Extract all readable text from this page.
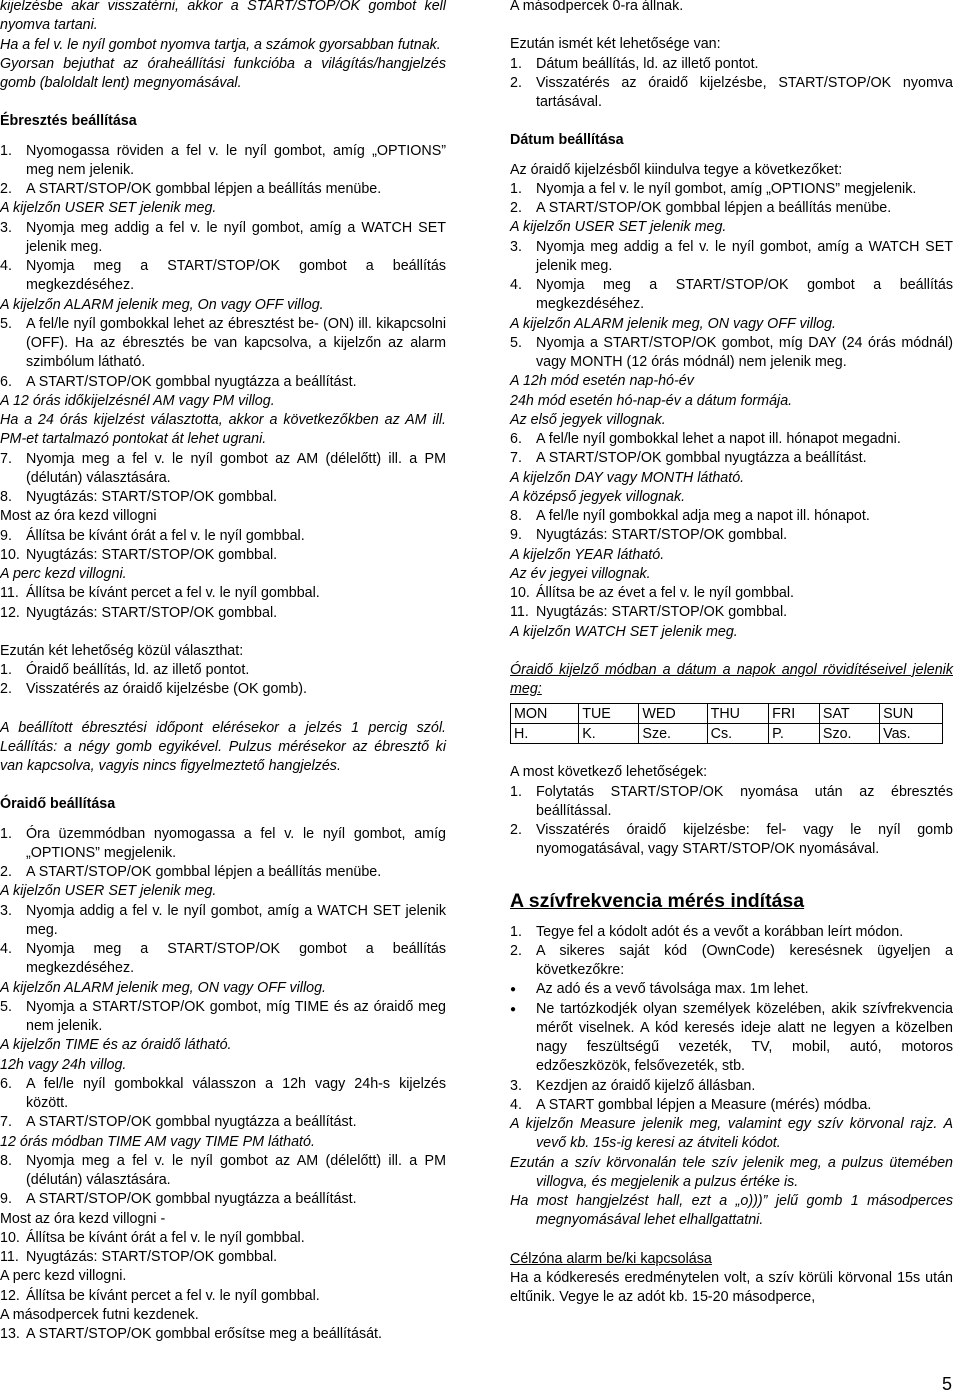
kijelzésbe akar visszatérni, akkor a START/STOP/OK gombot kell nyomva tartani.

Ha a fel v. le nyíl gombot nyomva tartja, a számok gyorsabban futnak.

Gyorsan bejuthat az óraheállítási funkcióba a világítás/hangjelzés gomb (baloldalt lent) megnyomásával.

Ébresztés beállítása

1. Nyomogassa röviden a fel v. le nyíl gombot, amíg „OPTIONS” meg nem jelenik.
2. A START/STOP/OK gombbal lépjen a beállítás menübe.

A kijelzőn USER SET jelenik meg.

3. Nyomja meg addig a fel v. le nyíl gombot, amíg a WATCH SET jelenik meg.
4. Nyomja meg a START/STOP/OK gombot a beállítás megkezdéséhez.

A kijelzőn ALARM jelenik meg, On vagy OFF villog.

5. A fel/le nyíl gombokkal lehet az ébresztést be- (ON) ill. kikapcsolni (OFF). Ha az ébresztés be van kapcsolva, a kijelzőn az alarm szimbólum látható.
6. A START/STOP/OK gombbal nyugtázza a beállítást.

A 12 órás időkijelzésnél AM vagy PM villog.

Ha a 24 órás kijelzést választotta, akkor a következőkben az AM ill. PM-et tartalmazó pontokat át lehet ugrani.

7. Nyomja meg a fel v. le nyíl gombot az AM (délelőtt) ill. a PM (délután) választására.
8. Nyugtázás: START/STOP/OK gombbal.

Most az óra kezd villogni

9. Állítsa be kívánt órát a fel v. le nyíl gombbal.
10. Nyugtázás: START/STOP/OK gombbal.

A perc kezd villogni.

11. Állítsa be kívánt percet a fel v. le nyíl gombbal.
12. Nyugtázás: START/STOP/OK gombbal.

Ezután két lehetőség közül választhat:

1. Óraidő beállítás, ld. az illető pontot.
2. Visszatérés az óraidő kijelzésbe (OK gomb).

A beállított ébresztési időpont elérésekor a jelzés 1 percig szól. Leállítás: a négy gomb egyikével. Pulzus mérésekor az ébresztő ki van kapcsolva, vagyis nincs figyelmeztető hangjelzés.

Óraidő beállítása

1. Óra üzemmódban nyomogassa a fel v. le nyíl gombot, amíg „OPTIONS” megjelenik.
2. A START/STOP/OK gombbal lépjen a beállítás menübe.

A kijelzőn USER SET jelenik meg.

3. Nyomja addig a fel v. le nyíl gombot, amíg a WATCH SET jelenik meg.
4. Nyomja meg a START/STOP/OK gombot a beállítás megkezdéséhez.

A kijelzőn ALARM jelenik meg, ON vagy OFF villog.

5. Nyomja a START/STOP/OK gombot, míg TIME és az óraidő meg nem jelenik.

A kijelzőn TIME és az óraidő látható.

12h vagy 24h villog.

6. A fel/le nyíl gombokkal válasszon a 12h vagy 24h-s kijelzés között.
7. A START/STOP/OK gombbal nyugtázza a beállítást.

12 órás módban TIME AM vagy TIME PM látható.

8. Nyomja meg a fel v. le nyíl gombot az AM (délelőtt) ill. a PM (délután) választására.
9. A START/STOP/OK gombbal nyugtázza a beállítást.

Most az óra kezd villogni -

10. Állítsa be kívánt órát a fel v. le nyíl gombbal.
11. Nyugtázás: START/STOP/OK gombbal.

A perc kezd villogni.

12. Állítsa be kívánt percet a fel v. le nyíl gombbal.

A másodpercek futni kezdenek.

13. A START/STOP/OK gombbal erősítse meg a beállítását.

A másodpercek 0-ra állnak.

Ezután ismét két lehetősége van:

1. Dátum beállítás, ld. az illető pontot.
2. Visszatérés az óraidő kijelzésbe, START/STOP/OK nyomva tartásával.

Dátum beállítása

Az óraidő kijelzésből kiindulva tegye a következőket:

1. Nyomja a fel v. le nyíl gombot, amíg „OPTIONS” megjelenik.
2. A START/STOP/OK gombbal lépjen a beállítás menübe.

A kijelzőn USER SET jelenik meg.

3. Nyomja meg addig a fel v. le nyíl gombot, amíg a WATCH SET jelenik meg.
4. Nyomja meg a START/STOP/OK gombot a beállítás megkezdéséhez.

A kijelzőn ALARM jelenik meg, ON vagy OFF villog.

5. Nyomja a START/STOP/OK gombot, míg DAY (24 órás módnál) vagy MONTH (12 órás módnál) nem jelenik meg.

A 12h mód esetén nap-hó-év

24h mód esetén hó-nap-év a dátum formája.

Az első jegyek villognak.

6. A fel/le nyíl gombokkal lehet a napot ill. hónapot megadni.
7. A START/STOP/OK gombbal nyugtázza a beállítást.

A kijelzőn DAY vagy MONTH látható.

A középső jegyek villognak.

8. A fel/le nyíl gombokkal adja meg a napot ill. hónapot.
9. Nyugtázás: START/STOP/OK gombbal.

A kijelzőn YEAR látható.

Az év jegyei villognak.

10. Állítsa be az évet a fel v. le nyíl gombbal.
11. Nyugtázás: START/STOP/OK gombbal.

A kijelzőn WATCH SET jelenik meg.

Óraidő kijelző módban a dátum a napok angol rövidítéseivel jelenik meg:

MON	TUE	WED	THU	FRI	SAT	SUN
H.	K.	Sze.	Cs.	P.	Szo.	Vas.

A most következő lehetőségek:

1. Folytatás START/STOP/OK nyomása után az ébresztés beállítással.
2. Visszatérés óraidő kijelzésbe: fel- vagy le nyíl gomb nyomogatásával, vagy START/STOP/OK nyomásával.
A szívfrekvencia mérés indítása
1. Tegye fel a kódolt adót és a vevőt a korábban leírt módon.
2. A sikeres saját kód (OwnCode) keresésnek ügyeljen a következőkre:
●	Az adó és a vevő távolsága max. 1m lehet.
●	Ne tartózkodjék olyan személyek közelében, akik szívfrekvencia mérőt viselnek. A kód keresés ideje alatt ne legyen a közelben nagy feszültségű vezeték, TV, mobil, autó, motoros edzőeszközök, felsővezeték, stb.
3. Kezdjen az óraidő kijelző állásban.
4. A START gombbal lépjen a Measure (mérés) módba.

A kijelzőn Measure jelenik meg, valamint egy szív körvonal rajz. A vevő kb. 15s-ig keresi az átviteli kódot.

Ezután a szív körvonalán tele szív jelenik meg, a pulzus ütemében villogva, és megjelenik a pulzus értéke is.

Ha most hangjelzést hall, ezt a „o)))” jelű gomb 1 másodperces megnyomásával lehet elhallgattatni.

Célzóna alarm be/ki kapcsolása

Ha a kódkeresés eredménytelen volt, a szív körüli körvonal 15s után eltűnik. Vegye le az adót kb. 15-20 másodperce,

5
